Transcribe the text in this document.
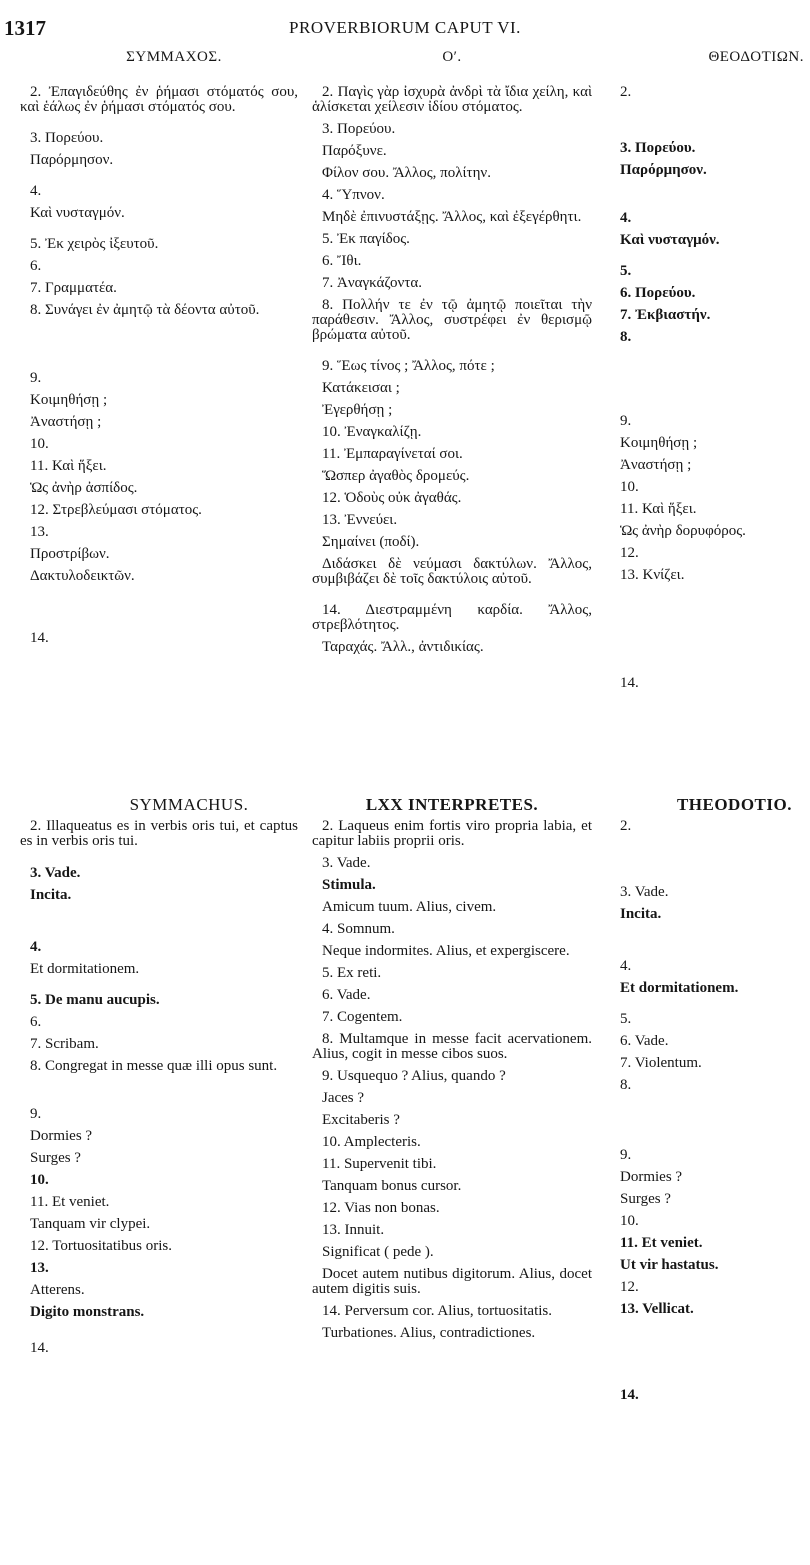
1317	PROVERBIORUM CAPUT VI.
ΣΥΜΜΑΧΟΣ.
2. Ἐπαγιδεύθης ἐν ῥήμασι στόματός σου, καὶ ἑάλως ἐν ῥήμασι στόματός σου.
3. Πορεύου.
Παρόρμησον.
4.
Καὶ νυσταγμόν.
5. Ἐκ χειρὸς ἰξευτοῦ.
6.
7. Γραμματέα.
8. Συνάγει ἐν ἀμητῷ τὰ δέοντα αὐτοῦ.
9.
Κοιμηθήσῃ ;
Ἀναστήσῃ ;
10.
11. Καὶ ἥξει.
Ὡς ἀνὴρ ἀσπίδος.
12. Στρεβλεύμασι στόματος.
13.
Προστρίβων.
Δακτυλοδεικτῶν.
14.
Οʹ.
2. Παγὶς γὰρ ἰσχυρὰ ἀνδρὶ τὰ ἴδια χείλη, καὶ ἁλίσκεται χείλεσιν ἰδίου στόματος.
3. Πορεύου.
Παρόξυνε.
Φίλον σου. Ἄλλος, πολίτην.
4. Ὕπνον.
Μηδὲ ἐπινυστάξῃς. Ἄλλος, καὶ ἐξεγέρθητι.
5. Ἐκ παγίδος.
6. Ἴθι.
7. Ἀναγκάζοντα.
8. Πολλήν τε ἐν τῷ ἀμητῷ ποιεῖται τὴν παράθεσιν. Ἄλλος, συστρέφει ἐν θερισμῷ βρώματα αὐτοῦ.
9. Ἕως τίνος ; Ἄλλος, πότε ;
Κατάκεισαι ;
Ἐγερθήσῃ ;
10. Ἐναγκαλίζῃ.
11. Ἐμπαραγίνεταί σοι.
Ὥσπερ ἀγαθὸς δρομεύς.
12. Ὁδοὺς οὐκ ἀγαθάς.
13. Ἐννεύει.
Σημαίνει (ποδί).
Διδάσκει δὲ νεύμασι δακτύλων. Ἄλλος, συμβιβάζει δὲ τοῖς δακτύλοις αὐτοῦ.
14. Διεστραμμένη καρδία. Ἄλλος, στρεβλότητος.
Ταραχάς. Ἄλλ., ἀντιδικίας.
ΘΕΟΔΟΤΙΩΝ.
2.
3. Πορεύου.
Παρόρμησον.
4.
Καὶ νυσταγμόν.
5.
6. Πορεύου.
7. Ἐκβιαστήν.
8.
9.
Κοιμηθήσῃ ;
Ἀναστήσῃ ;
10.
11. Καὶ ἥξει.
Ὡς ἀνὴρ δορυφόρος.
12.
13. Κνίζει.
14.
SYMMACHUS.
2. Illaqueatus es in verbis oris tui, et captus es in verbis oris tui.
3. Vade.
Incita.
4.
Et dormitationem.
5. De manu aucupis.
6.
7. Scribam.
8. Congregat in messe quæ illi opus sunt.
9.
Dormies ?
Surges ?
10.
11. Et veniet.
Tanquam vir clypei.
12. Tortuositatibus oris.
13.
Atterens.
Digito monstrans.
14.
LXX INTERPRETES.
2. Laqueus enim fortis viro propria labia, et capitur labiis proprii oris.
3. Vade.
Stimula.
Amicum tuum. Alius, civem.
4. Somnum.
Neque indormites. Alius, et expergiscere.
5. Ex reti.
6. Vade.
7. Cogentem.
8. Multamque in messe facit acervationem. Alius, cogit in messe cibos suos.
9. Usquequo ? Alius, quando ?
Jaces ?
Excitaberis ?
10. Amplecteris.
11. Supervenit tibi.
Tanquam bonus cursor.
12. Vias non bonas.
13. Innuit.
Significat ( pede ).
Docet autem nutibus digitorum. Alius, docet autem digitis suis.
14. Perversum cor. Alius, tortuositatis.
Turbationes. Alius, contradictiones.
THEODOTIO.
2.
3. Vade.
Incita.
4.
Et dormitationem.
5.
6. Vade.
7. Violentum.
8.
9.
Dormies ?
Surges ?
10.
11. Et veniet.
Ut vir hastatus.
12.
13. Vellicat.
14.
